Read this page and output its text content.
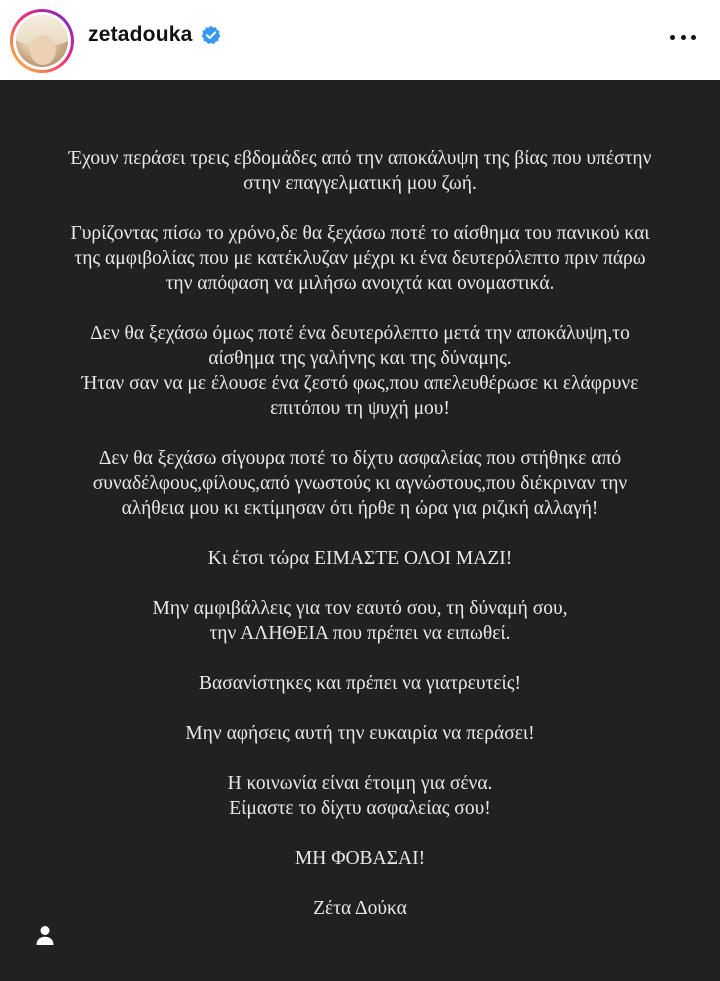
zetadouka
Έχουν περάσει τρεις εβδομάδες από την αποκάλυψη της βίας που υπέστην
στην επαγγελματική μου ζωή.
Γυρίζοντας πίσω το χρόνο,δε θα ξεχάσω ποτέ το αίσθημα του πανικού και
της αμφιβολίας που με κατέκλυζαν μέχρι κι ένα δευτερόλεπτο πριν πάρω
την απόφαση να μιλήσω ανοιχτά και ονομαστικά.
Δεν θα ξεχάσω όμως ποτέ ένα δευτερόλεπτο μετά την αποκάλυψη,το
αίσθημα της γαλήνης και της δύναμης.
Ήταν σαν να με έλουσε ένα ζεστό φως,που απελευθέρωσε κι ελάφρυνε
επιτόπου τη ψυχή μου!
Δεν θα ξεχάσω σίγουρα ποτέ το δίχτυ ασφαλείας που στήθηκε από
συναδέλφους,φίλους,από γνωστούς κι αγνώστους,που διέκριναν την
αλήθεια μου κι εκτίμησαν ότι ήρθε η ώρα για ριζική αλλαγή!
Κι έτσι τώρα ΕΙΜΑΣΤΕ ΟΛΟΙ ΜΑΖΙ!
Μην αμφιβάλλεις για τον εαυτό σου, τη δύναμή σου,
την ΑΛΗΘΕΙΑ που πρέπει να ειπωθεί.
Βασανίστηκες και πρέπει να γιατρευτείς!
Μην αφήσεις αυτή την ευκαιρία να περάσει!
Η κοινωνία είναι έτοιμη για σένα.
Είμαστε το δίχτυ ασφαλείας σου!
ΜΗ ΦΟΒΑΣΑΙ!
Ζέτα Δούκα
